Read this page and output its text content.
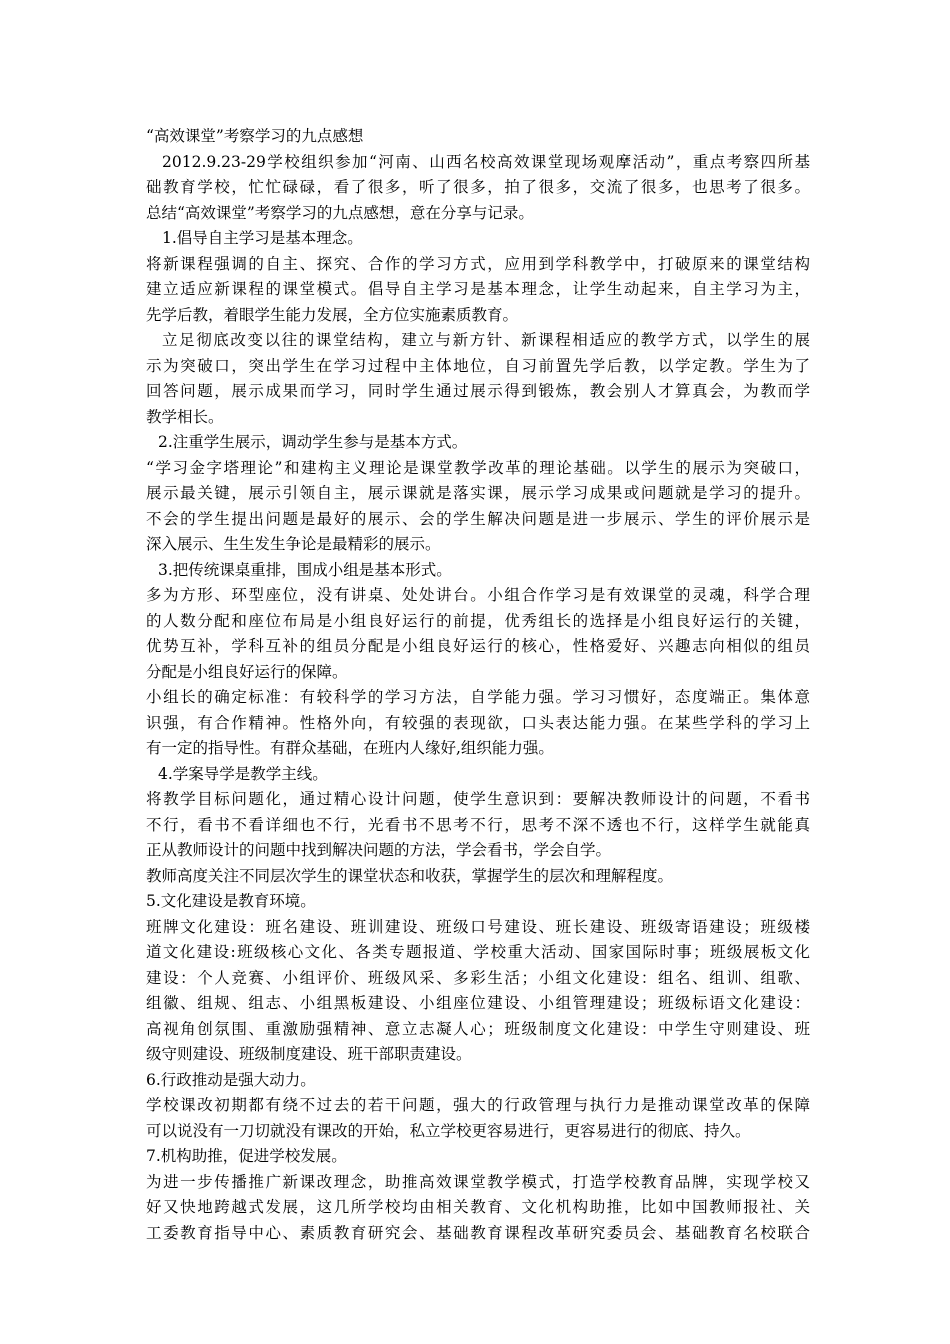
“高效课堂”考察学习的九点感想
2012.9.23-29学校组织参加“河南、山西名校高效课堂现场观摩活动”，重点考察四所基
础教育学校，忙忙碌碌，看了很多，听了很多，拍了很多，交流了很多，也思考了很多。
总结“高效课堂”考察学习的九点感想，意在分享与记录。
1.倡导自主学习是基本理念。
将新课程强调的自主、探究、合作的学习方式，应用到学科教学中，打破原来的课堂结构
建立适应新课程的课堂模式。倡导自主学习是基本理念，让学生动起来，自主学习为主，
先学后教，着眼学生能力发展，全方位实施素质教育。
立足彻底改变以往的课堂结构，建立与新方针、新课程相适应的教学方式，以学生的展
示为突破口，突出学生在学习过程中主体地位，自习前置先学后教，以学定教。学生为了
回答问题，展示成果而学习，同时学生通过展示得到锻炼，教会别人才算真会，为教而学
教学相长。
2.注重学生展示，调动学生参与是基本方式。
“学习金字塔理论”和建构主义理论是课堂教学改革的理论基础。以学生的展示为突破口，
展示最关键，展示引领自主，展示课就是落实课，展示学习成果或问题就是学习的提升。
不会的学生提出问题是最好的展示、会的学生解决问题是进一步展示、学生的评价展示是
深入展示、生生发生争论是最精彩的展示。
3.把传统课桌重排，围成小组是基本形式。
多为方形、环型座位，没有讲桌、处处讲台。小组合作学习是有效课堂的灵魂，科学合理
的人数分配和座位布局是小组良好运行的前提，优秀组长的选择是小组良好运行的关键，
优势互补，学科互补的组员分配是小组良好运行的核心，性格爱好、兴趣志向相似的组员
分配是小组良好运行的保障。
小组长的确定标准：有较科学的学习方法，自学能力强。学习习惯好，态度端正。集体意
识强，有合作精神。性格外向，有较强的表现欲，口头表达能力强。在某些学科的学习上
有一定的指导性。有群众基础，在班内人缘好,组织能力强。
4.学案导学是教学主线。
将教学目标问题化，通过精心设计问题，使学生意识到：要解决教师设计的问题，不看书
不行，看书不看详细也不行，光看书不思考不行，思考不深不透也不行，这样学生就能真
正从教师设计的问题中找到解决问题的方法，学会看书，学会自学。
教师高度关注不同层次学生的课堂状态和收获，掌握学生的层次和理解程度。
5.文化建设是教育环境。
班牌文化建设：班名建设、班训建设、班级口号建设、班长建设、班级寄语建设；班级楼
道文化建设:班级核心文化、各类专题报道、学校重大活动、国家国际时事；班级展板文化
建设：个人竞赛、小组评价、班级风采、多彩生活；小组文化建设：组名、组训、组歌、
组徽、组规、组志、小组黑板建设、小组座位建设、小组管理建设；班级标语文化建设：
高视角创氛围、重激励强精神、意立志凝人心；班级制度文化建设：中学生守则建设、班
级守则建设、班级制度建设、班干部职责建设。
6.行政推动是强大动力。
学校课改初期都有绕不过去的若干问题，强大的行政管理与执行力是推动课堂改革的保障
可以说没有一刀切就没有课改的开始，私立学校更容易进行，更容易进行的彻底、持久。
7.机构助推，促进学校发展。
为进一步传播推广新课改理念，助推高效课堂教学模式，打造学校教育品牌，实现学校又
好又快地跨越式发展，这几所学校均由相关教育、文化机构助推，比如中国教师报社、关
工委教育指导中心、素质教育研究会、基础教育课程改革研究委员会、基础教育名校联合
